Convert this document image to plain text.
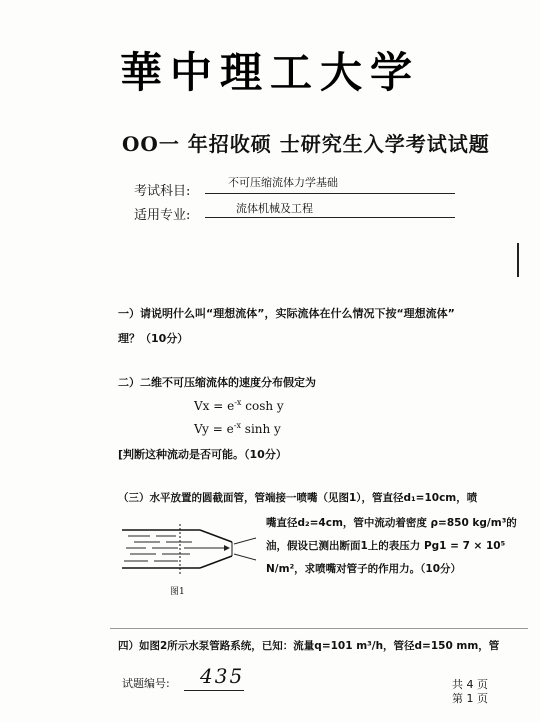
華中理工大学
OO一 年招收硕 士研究生入学考试试题
考试科目:
不可压缩流体力学基础
适用专业:	流体机械及工程
一）请说明什么叫“理想流体”，实际流体在什么情况下按“理想流体”
理？（10分）
二）二维不可压缩流体的速度分布假定为
$Vx = e^{-x}$ cosh y
$Vy = e^{-x}$ sinh y
[判断这种流动是否可能。（10分）
（三）水平放置的圆截面管，管端接一喷嘴（见图1），管直径d₁=10cm，喷
嘴直径d₂=4cm，管中流动着密度 ρ=850 kg/m³的
油，假设已测出断面1上的表压力 Pg1 = 7 × 10⁵
N/m²，求喷嘴对管子的作用力。（10分）
图1
四）如图2所示水泵管路系统，已知：流量q=101 m³/h，管径d=150 mm，管
试题编号: 435	共 4 页
第 1 页
